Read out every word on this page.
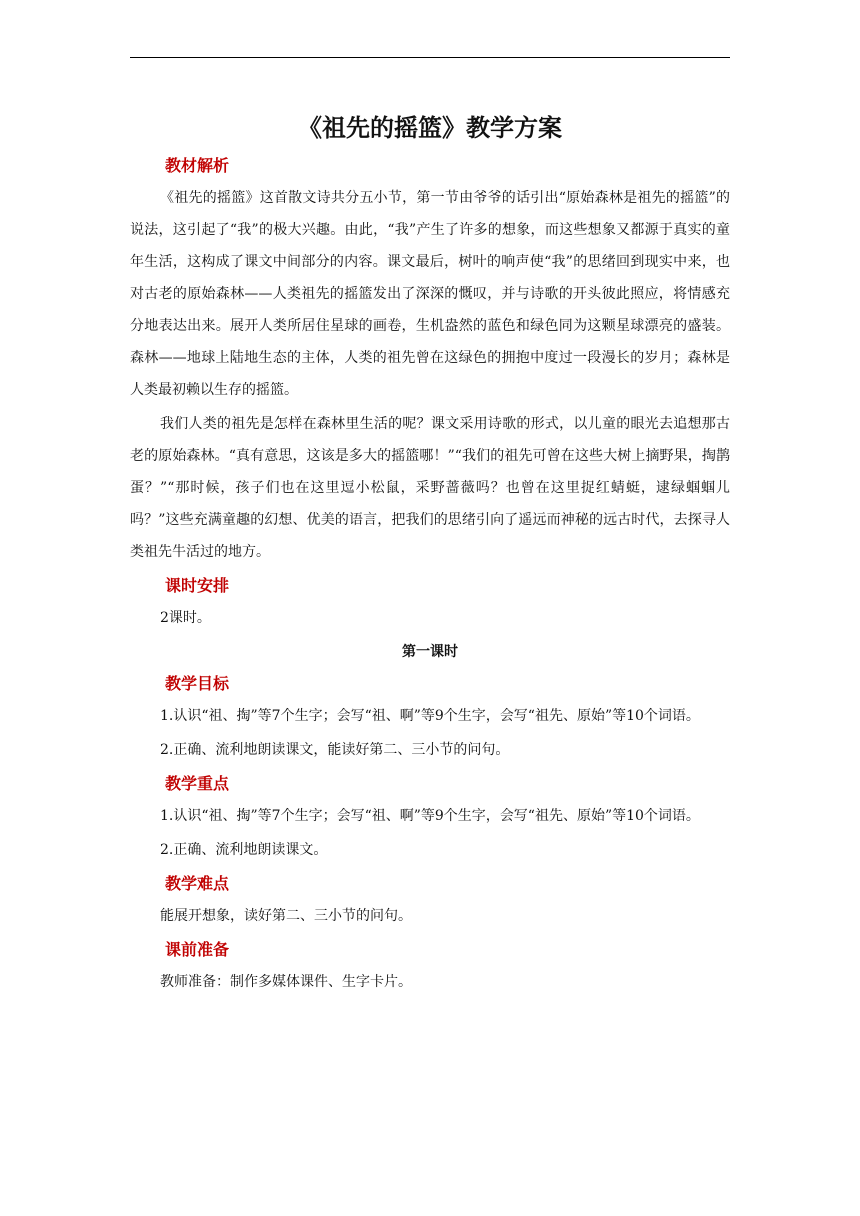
《祖先的摇篮》教学方案
教材解析

《祖先的摇篮》这首散文诗共分五小节，第一节由爷爷的话引出“原始森林是祖先的摇篮”的说法，这引起了“我”的极大兴趣。由此，“我”产生了许多的想象，而这些想象又都源于真实的童年生活，这构成了课文中间部分的内容。课文最后，树叶的响声使“我”的思绪回到现实中来，也对古老的原始森林——人类祖先的摇篮发出了深深的慨叹，并与诗歌的开头彼此照应，将情感充分地表达出来。展开人类所居住星球的画卷，生机盎然的蓝色和绿色同为这颗星球漂亮的盛装。森林——地球上陆地生态的主体，人类的祖先曾在这绿色的拥抱中度过一段漫长的岁月；森林是人类最初赖以生存的摇篮。

我们人类的祖先是怎样在森林里生活的呢？课文采用诗歌的形式，以儿童的眼光去追想那古老的原始森林。“真有意思，这该是多大的摇篮哪！”“我们的祖先可曾在这些大树上摘野果，掏鹊蛋？”“那时候，孩子们也在这里逗小松鼠，采野蔷薇吗？也曾在这里捉红蜻蜓，逮绿蝈蝈儿吗？”这些充满童趣的幻想、优美的语言，把我们的思绪引向了遥远而神秘的远古时代，去探寻人类祖先牛活过的地方。

课时安排

2课时。

第一课时
教学目标

1.认识“祖、掏”等7个生字；会写“祖、啊”等9个生字，会写“祖先、原始”等10个词语。

2.正确、流利地朗读课文，能读好第二、三小节的问句。

教学重点

1.认识“祖、掏”等7个生字；会写“祖、啊”等9个生字，会写“祖先、原始”等10个词语。

2.正确、流利地朗读课文。

教学难点

能展开想象，读好第二、三小节的问句。

课前准备

教师准备：制作多媒体课件、生字卡片。
